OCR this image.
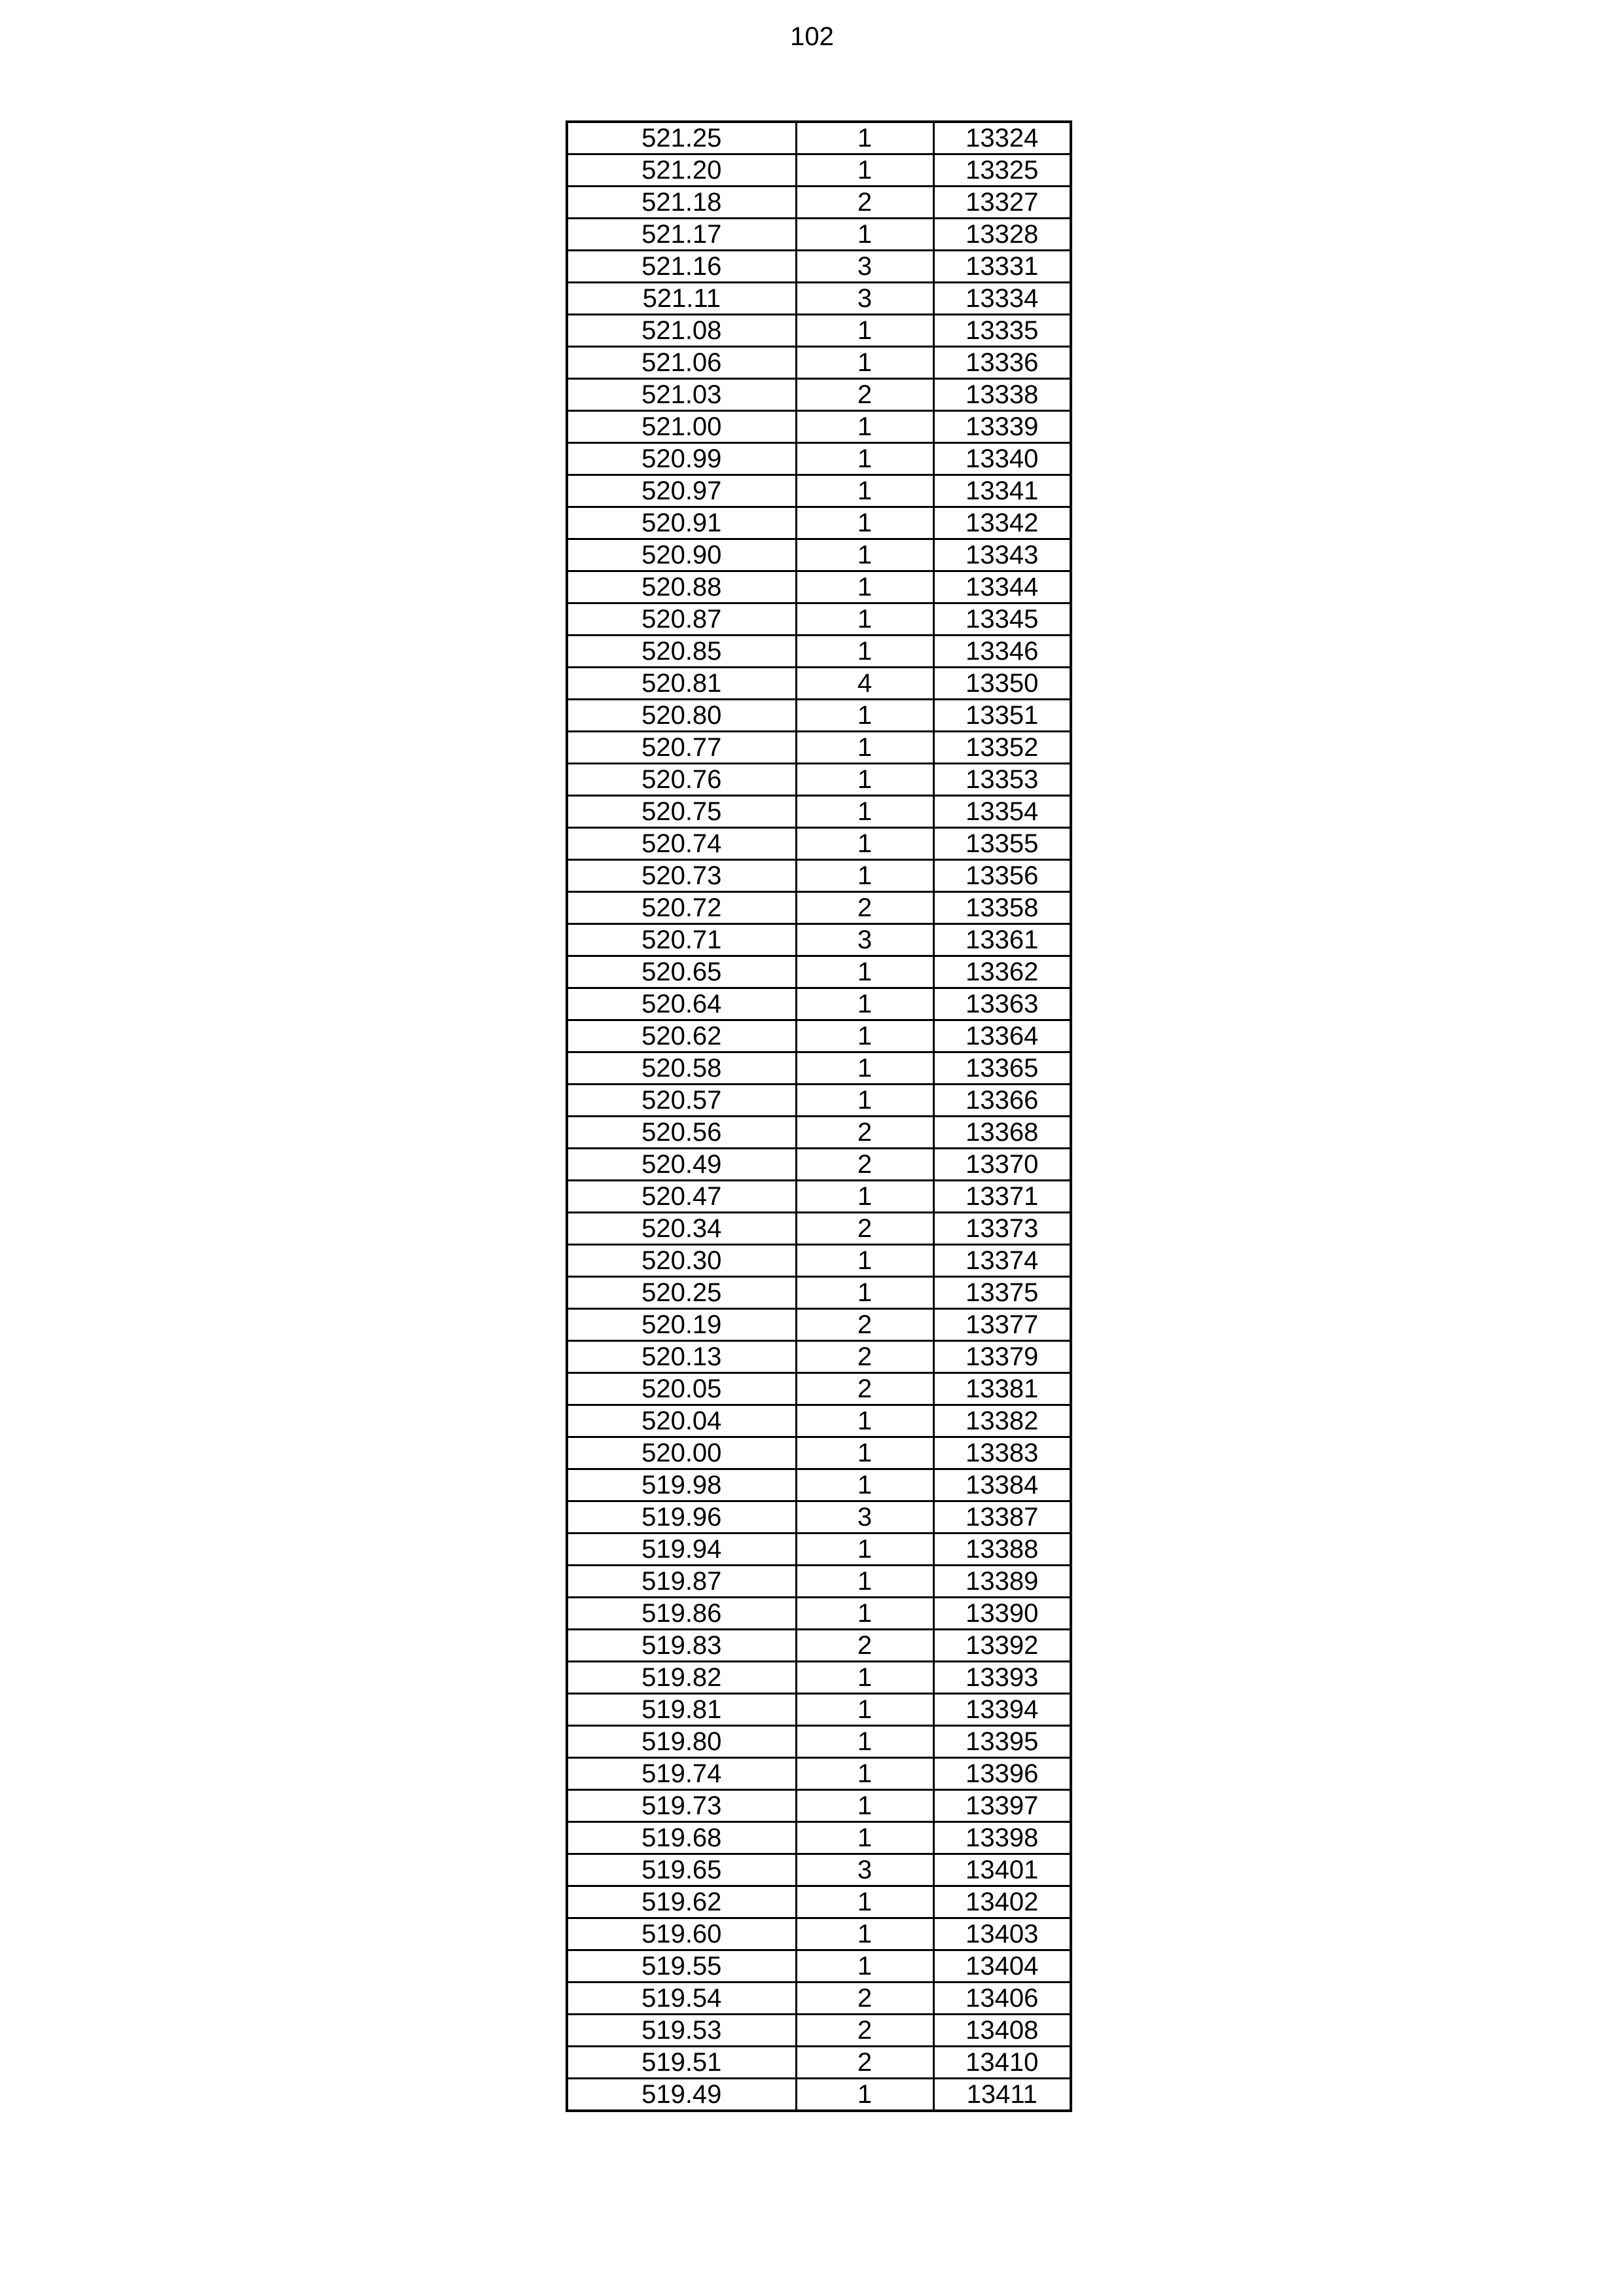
102
521.25	1	13324
521.20	1	13325
521.18	2	13327
521.17	1	13328
521.16	3	13331
521.11	3	13334
521.08	1	13335
521.06	1	13336
521.03	2	13338
521.00	1	13339
520.99	1	13340
520.97	1	13341
520.91	1	13342
520.90	1	13343
520.88	1	13344
520.87	1	13345
520.85	1	13346
520.81	4	13350
520.80	1	13351
520.77	1	13352
520.76	1	13353
520.75	1	13354
520.74	1	13355
520.73	1	13356
520.72	2	13358
520.71	3	13361
520.65	1	13362
520.64	1	13363
520.62	1	13364
520.58	1	13365
520.57	1	13366
520.56	2	13368
520.49	2	13370
520.47	1	13371
520.34	2	13373
520.30	1	13374
520.25	1	13375
520.19	2	13377
520.13	2	13379
520.05	2	13381
520.04	1	13382
520.00	1	13383
519.98	1	13384
519.96	3	13387
519.94	1	13388
519.87	1	13389
519.86	1	13390
519.83	2	13392
519.82	1	13393
519.81	1	13394
519.80	1	13395
519.74	1	13396
519.73	1	13397
519.68	1	13398
519.65	3	13401
519.62	1	13402
519.60	1	13403
519.55	1	13404
519.54	2	13406
519.53	2	13408
519.51	2	13410
519.49	1	13411
